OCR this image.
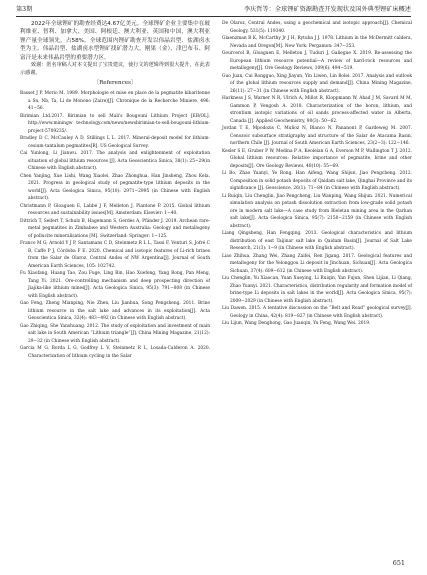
第3期	李庆哲等：全球锂矿资源勘查开发现状及国外典型锂矿床概述

2022年全球锂矿的勘查经费达4.67亿美元。全球锂矿企业主要集中在玻利维亚、智利、加拿大、美国、阿根廷、澳大利亚、英国和中国，澳大利亚锂产量全球领先，占58%。全球范围内锂矿勘查开发以伟晶岩型、盐湖卤水型为主。伟晶岩型、盐湖卤水型锂矿找矿潜力大，刚果（金）、津巴布韦、阿富汗是未来伟晶岩型的重要潜力区。

致谢：匿名审稿人对本文提出了宝贵建议，使行文的逻辑得到很大提升，在此表示感谢。

〔References〕

Basset J P, Morio M. 1989. Morphologie et mise en place de la pegmatite kibaritenne a Sn, Nb, Ta, Li de Monono (Zaire)[J]. Chronique de la Recherche Miniere, 496: 41−56.

Birimian Ltd.2017. Birimian to sell Mali's Bougouni Lithium Project [EB/OL]. http://www.miningw technology.com/news/newsbirimian-to-sell-bougouni-lithium-project-5709235/.

Bradley D C, McCauley A D, Stillings L L. 2017. Mineral-deposit model for lithium-cesium-tantalum pegmatites[R]. US Geological Survey.

Cai Yunlong, Li Jianwu. 2017. The analysis and enlightenment of exploitation situation of global lithium resources [J]. Acta Geoscientica Sinica, 38(1): 25−29(in Chinese with English abstract).

Chen Yanjing, Xue Lishi, Wang Xiaolei, Zhao Zhonghua, Han Jinsheng, Zhou Kela. 2021. Progress in geological study of pegmatite-type lithium deposits in the world[J]. Acta Geologica Sinica, 95(10): 2971−2995 (in Chinese with English abstract).

Christmann P, Gloaguen E, Labbé J F, Melleton J, Piantone P. 2015. Global lithium resources and sustainability issues[M]. Amsterdam: Elsevier: 1−40.

Dittrich T, Seifert T, Schulz B, Hagemann S, Gerdes A, Pfänder J. 2019. Archean rare-metal pegmatites in Zimbabwe and Western Australia: Geology and metallogeny of pollucite mineralisations [M]. Switzerland: Springer: 1−125.

Franco M G, Arnold Y J P, Santamans C D, Steinmetz R L L, Tassi F, Venturi S, Jofré C B, Caffe P J, Córdoba F E. 2020. Chemical and isotopic features of Li-rich brines from the Salar de Olaroz, Central Andes of NW Argentina[J]. Journal of South American Earth Sciences, 105: 102742.

Fu Xiaofang, Huang Tao, Zou Fuge, Ling Bin, Hao Xuefeng, Yang Rong, Pan Meng, Tang Yi. 2021. Ore-controlling mechanism and deep prospecting direction of Jiajika-like lithium mines[J]. Acta Geologica Sinica, 95(3): 791−808 (in Chinese with English abstract).

Gao Feng, Zheng Mianping, Nie Zhen, Liu Jianhua, Song Pengsheng. 2011. Brine lithium resource in the salt lake and advances in its exploitation[J]. Acta Geoscientica Sinica, 32(4): 483−492 (in Chinese with English abstract).

Gao Zhiqing, She Yanshuang. 2012. The study of exploitation and investment of main salt lake in South American “Lithium triangle”[J]. China Mining Magazine, 21(12): 29−32 (in Chinese with English abstract).

Garcia M G, Borda L G, Godfrey L V, Steinmetz R L, Losada-Calderon A. 2020. Characterization of lithium cycling in the Salar

De Olaroz, Central Andes, using a geochemical and isotopic approach[J]. Chemical Geology, 531(5): 119340.

Glaenzman R K, McCarthy Jr J H, Rytuba J J. 1978. Lithium in the McDermitt caldera, Nevada and Oregon[M]. New York: Pergamon: 347−353.

Gourcerol B, Gloaguen E, Melleton J, Tuduri J, Galiegue X. 2019. Re-assessing the European lithium resource potential—A review of hard-rock resources and metallogeny[J]. Ore Geology Reviews, 109(6): 494−519.

Guo Juan, Cui Rongguo, Xing Jiayun, Yin Liwen, Lin Bolei. 2017. Analysis and outlook of the global lithium resources supply and demand[J]. China Mining Magazine, 26(11): 27−31 (in Chinese with English abstract).

Harkness J S, Warner N R, Ulrich A, Millot R, Kloppmann W, Ahad J M, Savard M M, Gammon P, Vengosh A. 2018. Characterization of the boron, lithium, and strontium isotopic variations of oil sands process-affected water in Alberta, Canada [J]. Applied Geochemistry, 90(3): 50−62.

Jordan T E, Mpodozis C, Muñoz N, Blanco N, Pananont P, Gardeweg M. 2007. Cenozoic subsurface stratigraphy and structure of the Salar de Atacama Basin, northern Chile [J]. Journal of South American Earth Sciences, 23(2−3): 122−146.

Kesler S E, Gruber P W, Medina P A, Keoleian G A, Everson M P, Wallington T J. 2012. Global lithium resources: Relative importance of pegmatite, brine and other deposits[J]. Ore Geology Reviews, 48(10): 55−69.

Li Bo, Zhao Yuanyi, Ye Rong, Han Aifeng, Wang Shijun, Jiao Pengcheng. 2012. Composition in solid potash deposits of Qaidam salt lake, Qinghai Province and its significance [J]. Geoscience, 26(1): 71−84 (in Chinese with English abstract).

Li Ruiqin, Liu Chenglin, Jiao Pengcheng, Liu Wanping, Wang Shijun. 2021. Numerical simulation analysis on potash dissolution extraction from low-grade solid potash ore in modern salt lake—A case study from Bieletan mining area in the Qarhan salt lake[J]. Acta Geologica Sinica, 95(7): 2150−2159 (in Chinese with English abstract).

Liang Qingsheng, Han Fengqing. 2013. Geological characteristics and lithium distribution of east Taijinar salt lake in Qaidam Basin[J]. Journal of Salt Lake Research, 21(3): 1−9 (in Chinese with English abstract).

Liao Zhihua, Zhang Wei, Zhang Zaifei, Ren Jigang. 2017. Geological features and metallogeny for the Yelonggou Li deposit in Jinchuan, Sichuan[J]. Acta Geologica Sichuan, 37(4): 609−612 (in Chinese with English abstract).

Liu Chenglin, Yu Xiaocan, Yuan Xueying, Li Ruiqin, Yan Fujun, Shen Lijian, Li Qiang, Zhao Yuanyi. 2021. Characteristics, distribution regularity and formation model of brine-type Li deposits in salt lakes in the world[J]. Acta Geologica Sinica, 95(7): 2009−2029 (in Chinese with English abstract).

Liu Dawen. 2015. A tentative discussion on the “Belt and Road” geological survey[J]. Geology in China, 42(4): 819−827 (in Chinese with English abstract).

Liu Lijun, Wang Denghong, Gao Juanqin, Yu Feng, Wang Wei. 2019.

651
